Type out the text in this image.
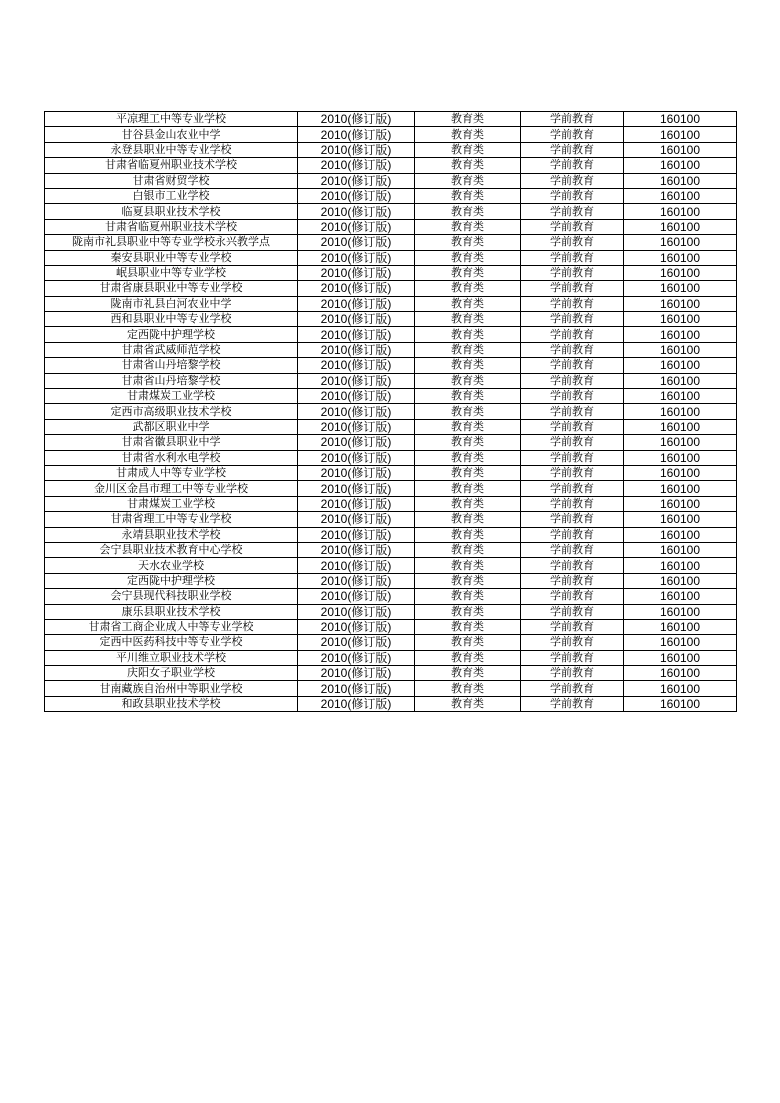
平凉理工中等专业学校	2010(修订版)	教育类	学前教育	160100
甘谷县金山农业中学	2010(修订版)	教育类	学前教育	160100
永登县职业中等专业学校	2010(修订版)	教育类	学前教育	160100
甘肃省临夏州职业技术学校	2010(修订版)	教育类	学前教育	160100
甘肃省财贸学校	2010(修订版)	教育类	学前教育	160100
白银市工业学校	2010(修订版)	教育类	学前教育	160100
临夏县职业技术学校	2010(修订版)	教育类	学前教育	160100
甘肃省临夏州职业技术学校	2010(修订版)	教育类	学前教育	160100
陇南市礼县职业中等专业学校永兴教学点	2010(修订版)	教育类	学前教育	160100
秦安县职业中等专业学校	2010(修订版)	教育类	学前教育	160100
岷县职业中等专业学校	2010(修订版)	教育类	学前教育	160100
甘肃省康县职业中等专业学校	2010(修订版)	教育类	学前教育	160100
陇南市礼县白河农业中学	2010(修订版)	教育类	学前教育	160100
西和县职业中等专业学校	2010(修订版)	教育类	学前教育	160100
定西陇中护理学校	2010(修订版)	教育类	学前教育	160100
甘肃省武威师范学校	2010(修订版)	教育类	学前教育	160100
甘肃省山丹培黎学校	2010(修订版)	教育类	学前教育	160100
甘肃省山丹培黎学校	2010(修订版)	教育类	学前教育	160100
甘肃煤炭工业学校	2010(修订版)	教育类	学前教育	160100
定西市高级职业技术学校	2010(修订版)	教育类	学前教育	160100
武都区职业中学	2010(修订版)	教育类	学前教育	160100
甘肃省徽县职业中学	2010(修订版)	教育类	学前教育	160100
甘肃省水利水电学校	2010(修订版)	教育类	学前教育	160100
甘肃成人中等专业学校	2010(修订版)	教育类	学前教育	160100
金川区金昌市理工中等专业学校	2010(修订版)	教育类	学前教育	160100
甘肃煤炭工业学校	2010(修订版)	教育类	学前教育	160100
甘肃省理工中等专业学校	2010(修订版)	教育类	学前教育	160100
永靖县职业技术学校	2010(修订版)	教育类	学前教育	160100
会宁县职业技术教育中心学校	2010(修订版)	教育类	学前教育	160100
天水农业学校	2010(修订版)	教育类	学前教育	160100
定西陇中护理学校	2010(修订版)	教育类	学前教育	160100
会宁县现代科技职业学校	2010(修订版)	教育类	学前教育	160100
康乐县职业技术学校	2010(修订版)	教育类	学前教育	160100
甘肃省工商企业成人中等专业学校	2010(修订版)	教育类	学前教育	160100
定西中医药科技中等专业学校	2010(修订版)	教育类	学前教育	160100
平川维立职业技术学校	2010(修订版)	教育类	学前教育	160100
庆阳女子职业学校	2010(修订版)	教育类	学前教育	160100
甘南藏族自治州中等职业学校	2010(修订版)	教育类	学前教育	160100
和政县职业技术学校	2010(修订版)	教育类	学前教育	160100
